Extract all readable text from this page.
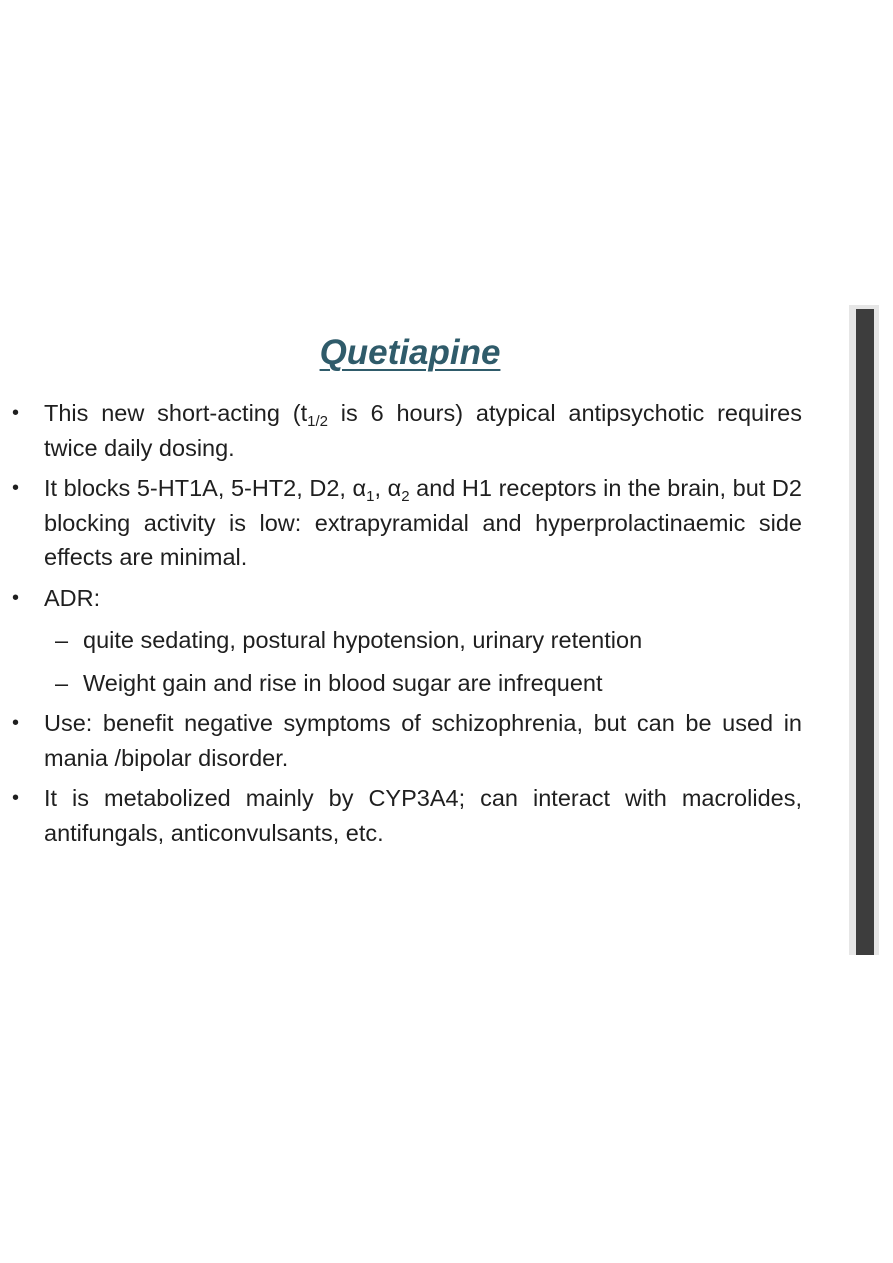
Quetiapine
•	This new short-acting ($t_{1/2}$ is 6 hours) atypical antipsychotic requires twice daily dosing.
•	It blocks 5-HT1A, 5-HT2, D2, $\alpha_1$, $\alpha_2$ and H1 receptors in the brain, but D2 blocking activity is low: extrapyramidal and hyperprolactinaemic side effects are minimal.
•	ADR:
– quite sedating, postural hypotension, urinary retention
– Weight gain and rise in blood sugar are infrequent
•	Use: benefit negative symptoms of schizophrenia, but can be used in mania /bipolar disorder.
•	It is metabolized mainly by CYP3A4; can interact with macrolides, antifungals, anticonvulsants, etc.
